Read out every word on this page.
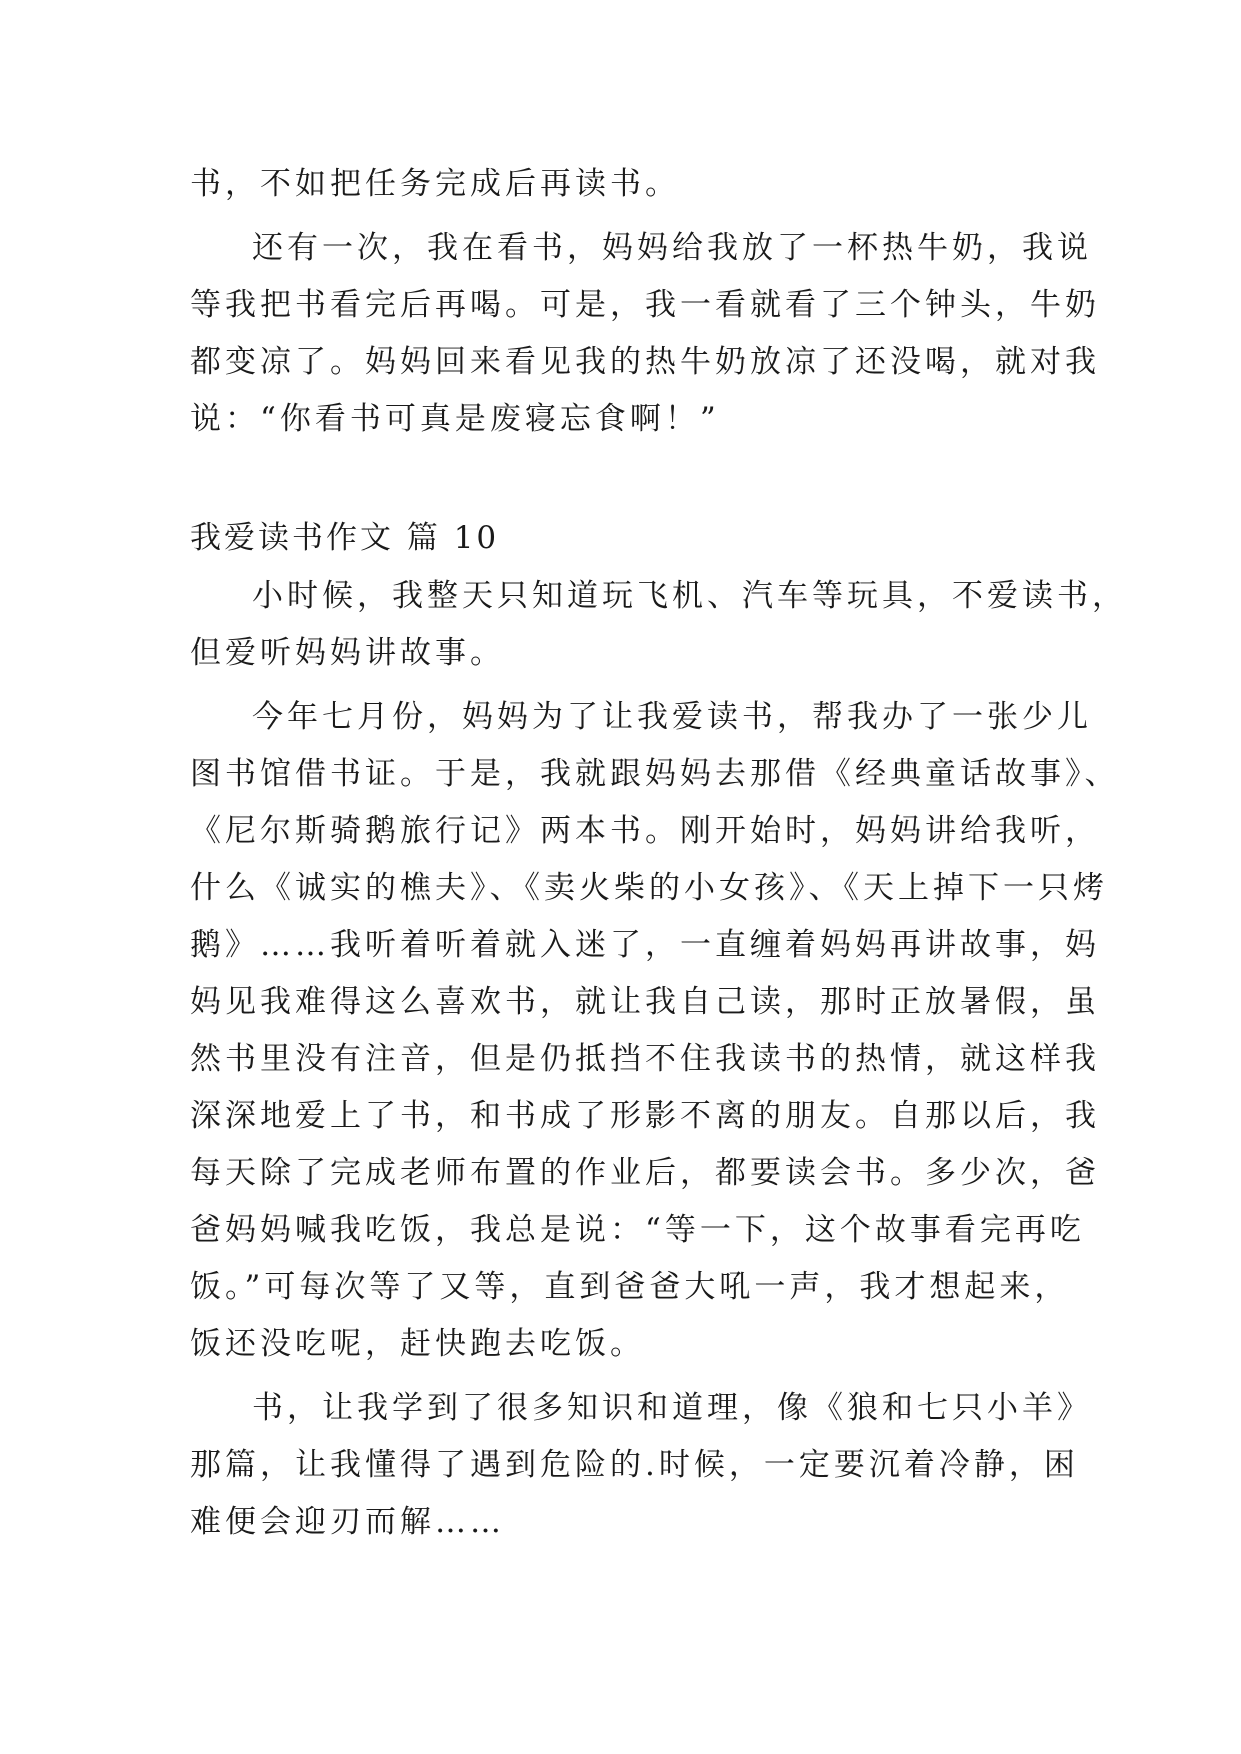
书，不如把任务完成后再读书。
还有一次，我在看书，妈妈给我放了一杯热牛奶，我说
等我把书看完后再喝。可是，我一看就看了三个钟头，牛奶
都变凉了。妈妈回来看见我的热牛奶放凉了还没喝，就对我
说：“你看书可真是废寝忘食啊！”
我爱读书作文 篇 10
小时候，我整天只知道玩飞机、汽车等玩具，不爱读书，
但爱听妈妈讲故事。
今年七月份，妈妈为了让我爱读书，帮我办了一张少儿
图书馆借书证。于是，我就跟妈妈去那借《经典童话故事》、
《尼尔斯骑鹅旅行记》两本书。刚开始时，妈妈讲给我听，
什么《诚实的樵夫》、《卖火柴的小女孩》、《天上掉下一只烤
鹅》……我听着听着就入迷了，一直缠着妈妈再讲故事，妈
妈见我难得这么喜欢书，就让我自己读，那时正放暑假，虽
然书里没有注音，但是仍抵挡不住我读书的热情，就这样我
深深地爱上了书，和书成了形影不离的朋友。自那以后，我
每天除了完成老师布置的作业后，都要读会书。多少次，爸
爸妈妈喊我吃饭，我总是说：“等一下，这个故事看完再吃
饭。”可每次等了又等，直到爸爸大吼一声，我才想起来，
饭还没吃呢，赶快跑去吃饭。
书，让我学到了很多知识和道理，像《狼和七只小羊》
那篇，让我懂得了遇到危险的.时候，一定要沉着冷静，困
难便会迎刃而解……
